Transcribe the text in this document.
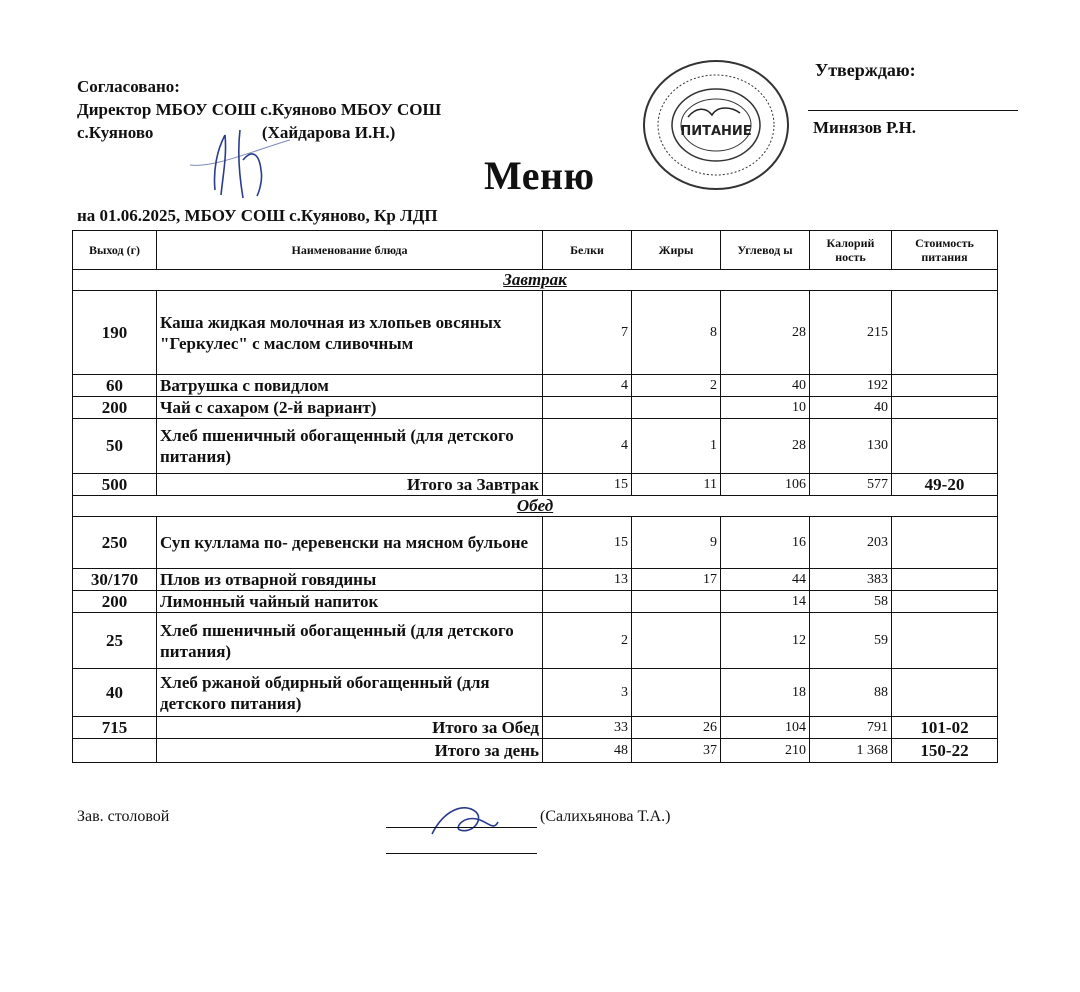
Согласовано:
Директор МБОУ СОШ с.Куяново МБОУ СОШ
с.Куяново	(Хайдарова И.Н.)	ПИТАНИЕ
Утверждаю:
Минязов Р.Н.
Меню
на 01.06.2025, МБОУ СОШ с.Куяново, Кр ЛДП
Выход (г)	Наименование блюда	Белки	Жиры	Углевод ы	Калорий ность	Стоимость питания
Завтрак						
190	Каша жидкая молочная из хлопьев овсяных "Геркулес" с маслом сливочным	7	8	28	215	
60	Ватрушка с повидлом	4	2	40	192	
200	Чай с сахаром (2-й вариант)			10	40	
50	Хлеб пшеничный обогащенный (для детского питания)	4	1	28	130	
500	Итого за Завтрак	15	11	106	577	49-20
Обед						
250	Суп куллама по- деревенски на мясном бульоне	15	9	16	203	
30/170	Плов из отварной говядины	13	17	44	383	
200	Лимонный чайный напиток			14	58	
25	Хлеб пшеничный обогащенный (для детского питания)	2		12	59	
40	Хлеб ржаной обдирный обогащенный (для детского питания)	3		18	88	
715	Итого за Обед	33	26	104	791	101-02
	Итого за день	48	37	210	1 368	150-22
Зав. столовой	(Салихьянова Т.А.)
